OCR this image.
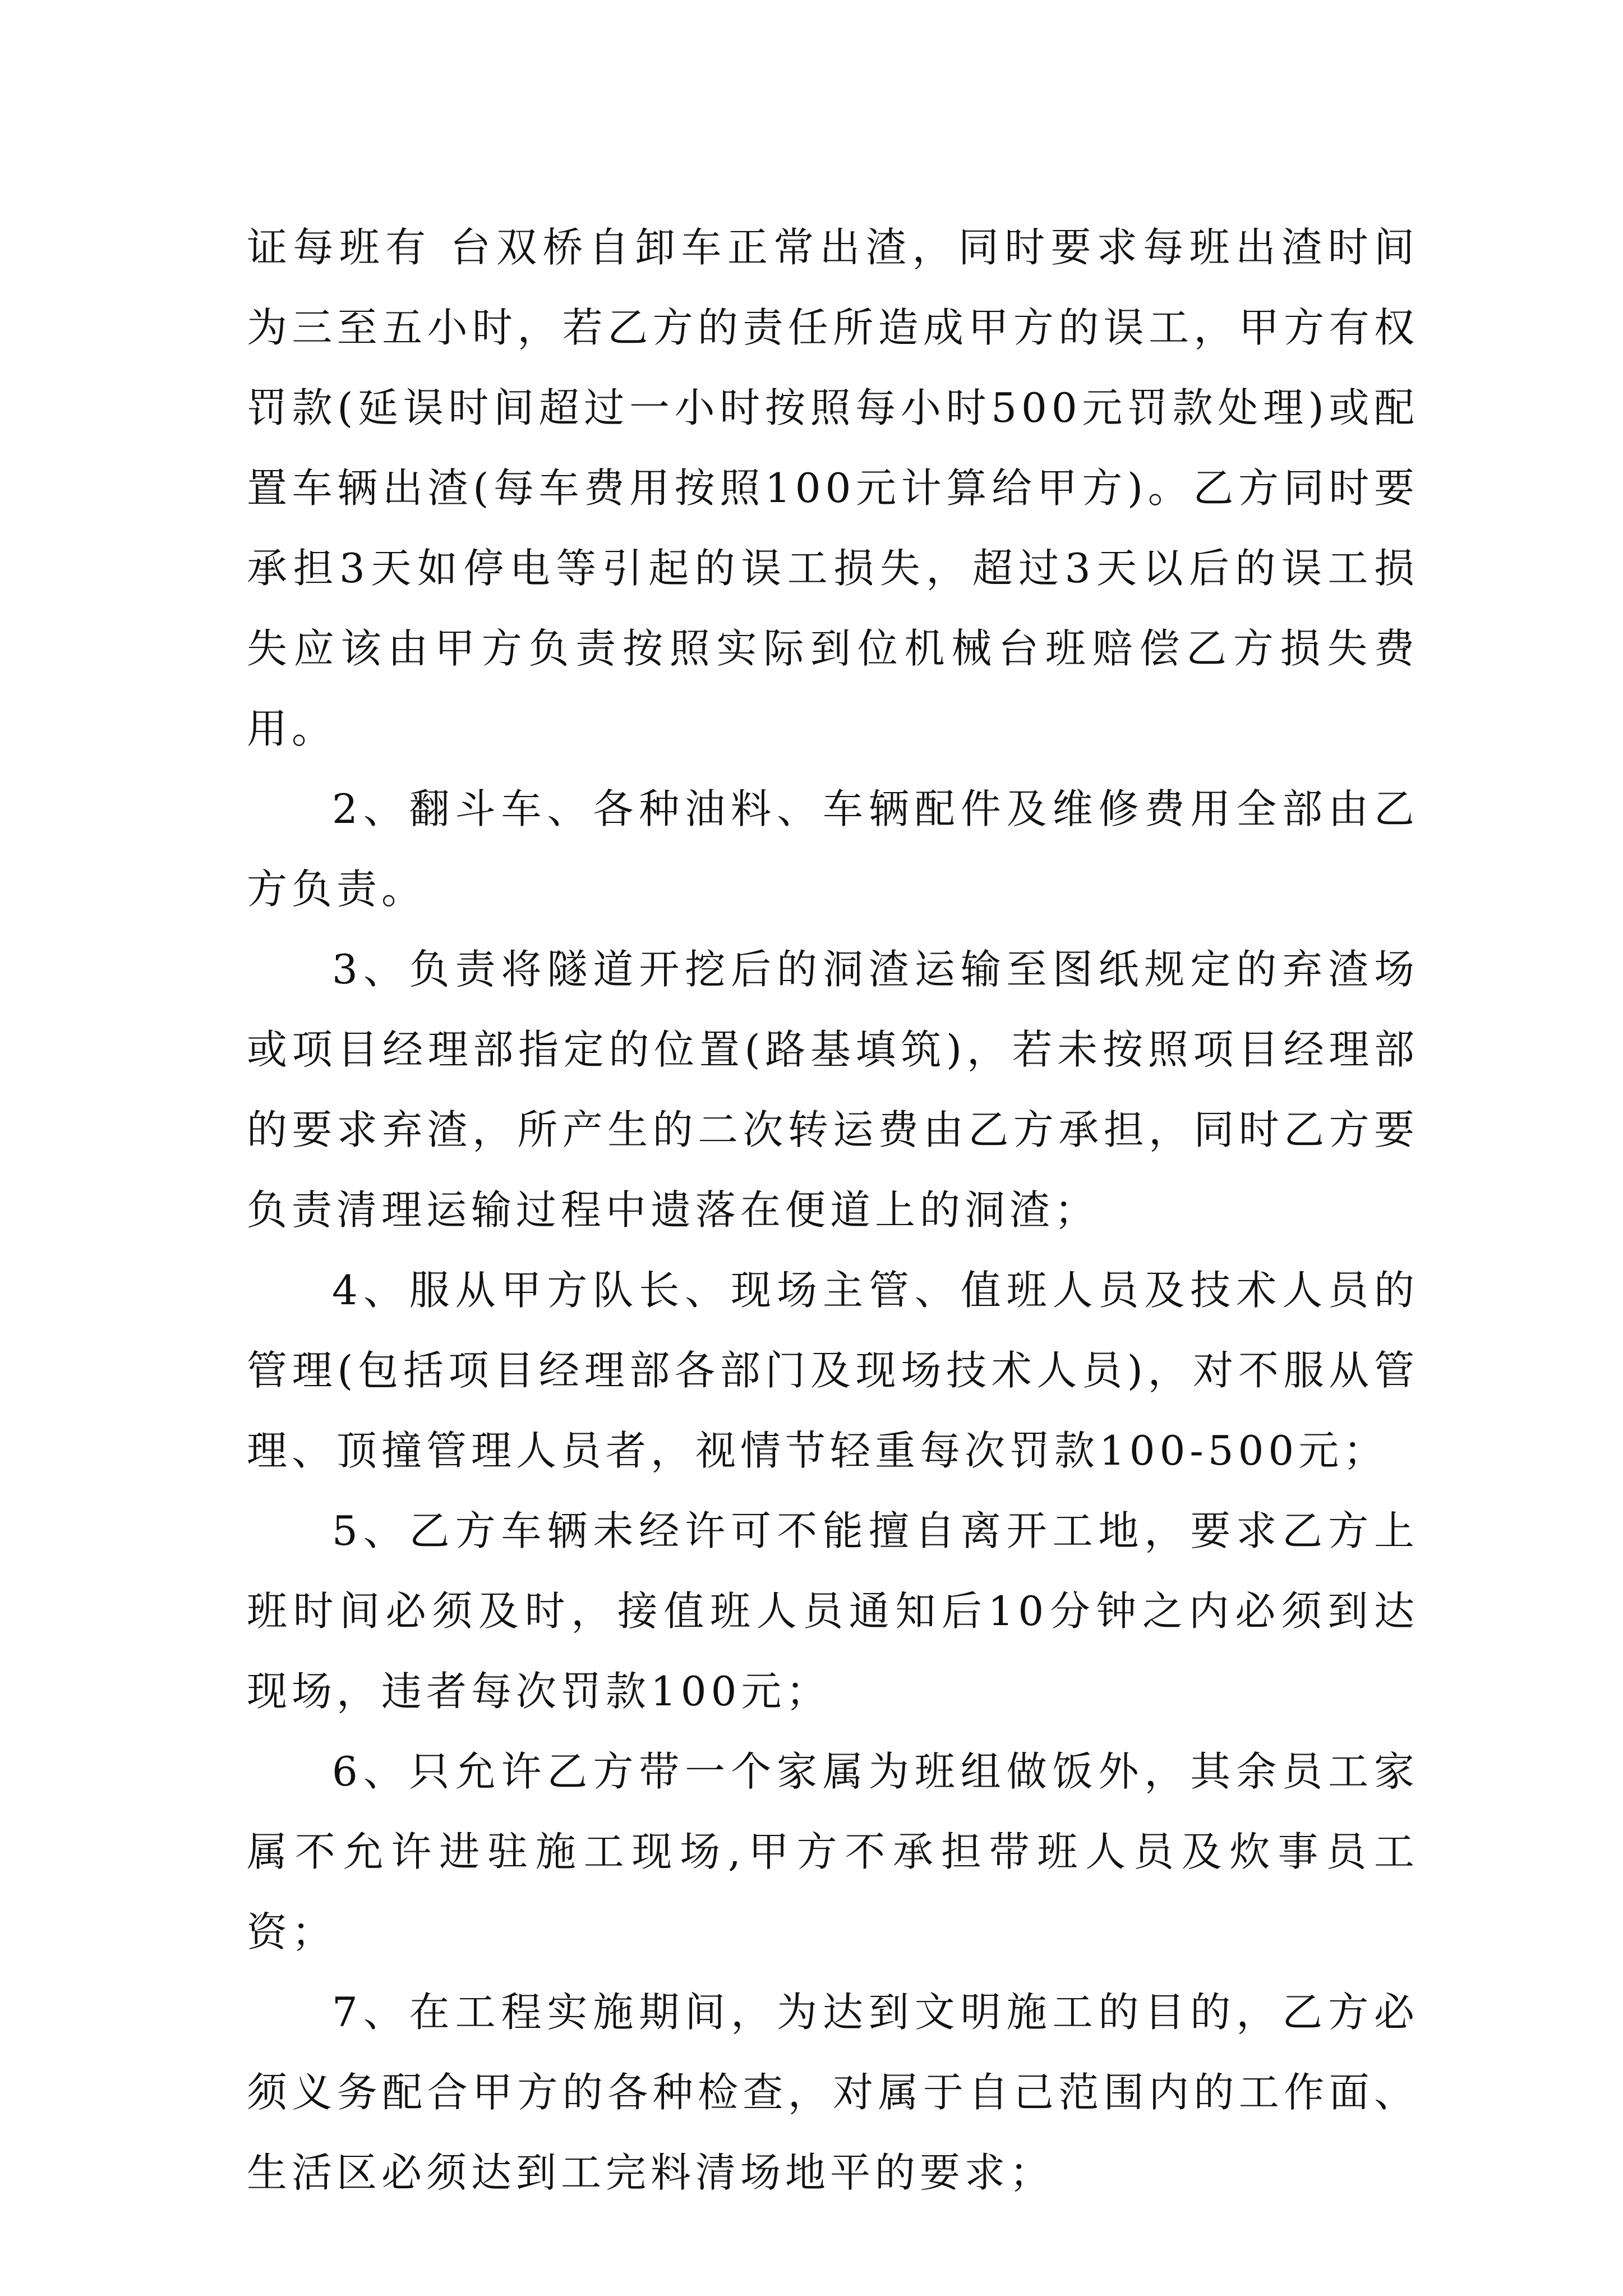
证每班有 台双桥自卸车正常出渣，同时要求每班出渣时间为三至五小时，若乙方的责任所造成甲方的误工，甲方有权罚款(延误时间超过一小时按照每小时500元罚款处理)或配置车辆出渣(每车费用按照100元计算给甲方)。乙方同时要承担3天如停电等引起的误工损失，超过3天以后的误工损失应该由甲方负责按照实际到位机械台班赔偿乙方损失费用。

2、翻斗车、各种油料、车辆配件及维修费用全部由乙方负责。

3、负责将隧道开挖后的洞渣运输至图纸规定的弃渣场或项目经理部指定的位置(路基填筑)，若未按照项目经理部的要求弃渣，所产生的二次转运费由乙方承担，同时乙方要负责清理运输过程中遗落在便道上的洞渣；

4、服从甲方队长、现场主管、值班人员及技术人员的管理(包括项目经理部各部门及现场技术人员)，对不服从管理、顶撞管理人员者，视情节轻重每次罚款100-500元；

5、乙方车辆未经许可不能擅自离开工地，要求乙方上班时间必须及时，接值班人员通知后10分钟之内必须到达现场，违者每次罚款100元；

6、只允许乙方带一个家属为班组做饭外，其余员工家属不允许进驻施工现场,甲方不承担带班人员及炊事员工资；

7、在工程实施期间，为达到文明施工的目的，乙方必须义务配合甲方的各种检查，对属于自己范围内的工作面、生活区必须达到工完料清场地平的要求；
